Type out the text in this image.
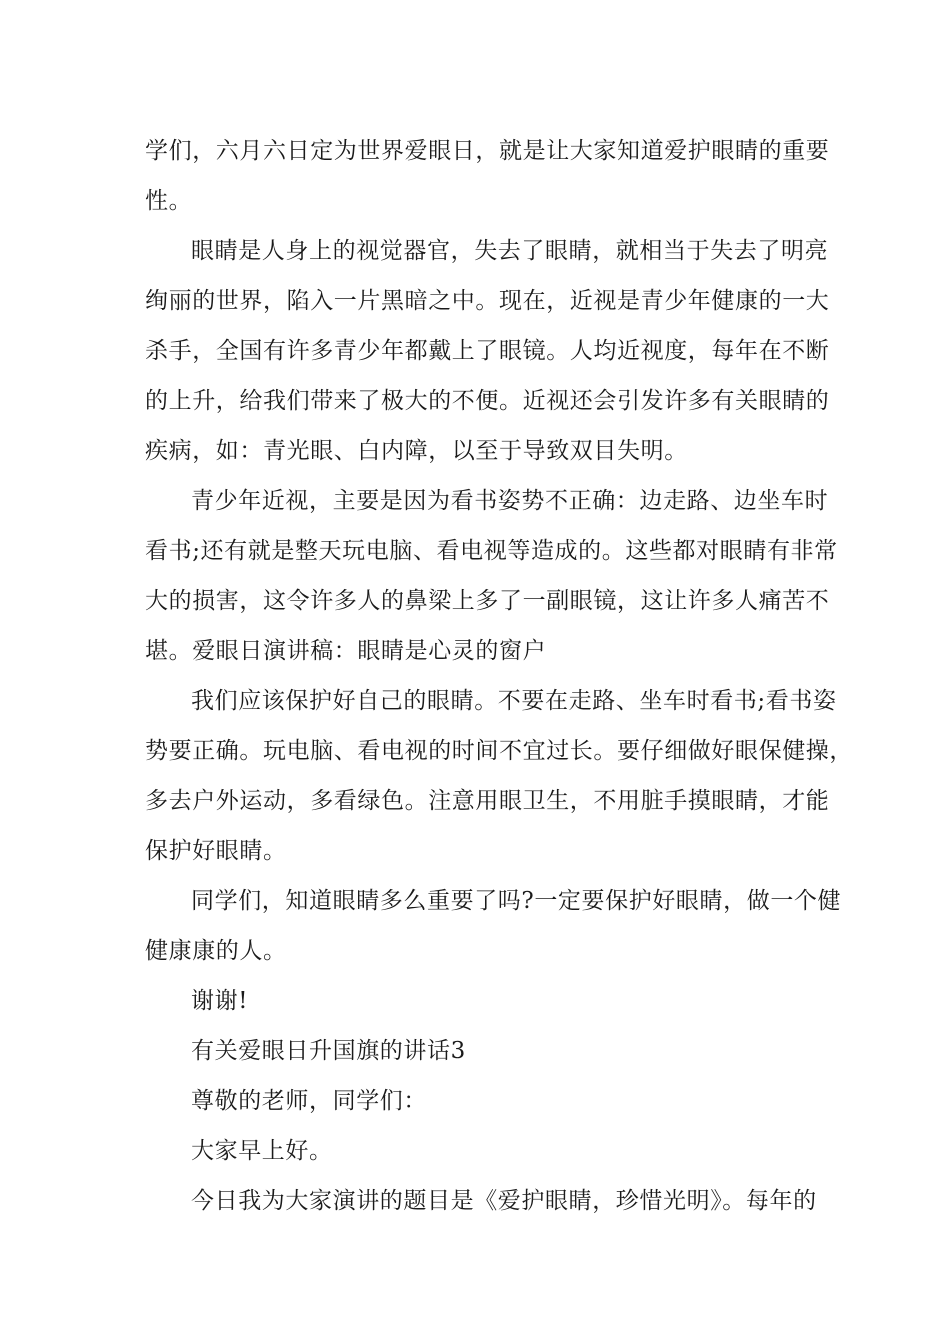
学们，六月六日定为世界爱眼日，就是让大家知道爱护眼睛的重要

性。

眼睛是人身上的视觉器官，失去了眼睛，就相当于失去了明亮

绚丽的世界，陷入一片黑暗之中。现在，近视是青少年健康的一大

杀手，全国有许多青少年都戴上了眼镜。人均近视度，每年在不断

的上升，给我们带来了极大的不便。近视还会引发许多有关眼睛的

疾病，如：青光眼、白内障，以至于导致双目失明。

青少年近视，主要是因为看书姿势不正确：边走路、边坐车时

看书;还有就是整天玩电脑、看电视等造成的。这些都对眼睛有非常

大的损害，这令许多人的鼻梁上多了一副眼镜，这让许多人痛苦不

堪。爱眼日演讲稿：眼睛是心灵的窗户

我们应该保护好自己的眼睛。不要在走路、坐车时看书;看书姿

势要正确。玩电脑、看电视的时间不宜过长。要仔细做好眼保健操，

多去户外运动，多看绿色。注意用眼卫生，不用脏手摸眼睛，才能

保护好眼睛。

同学们，知道眼睛多么重要了吗?一定要保护好眼睛，做一个健

健康康的人。

谢谢!

有关爱眼日升国旗的讲话3

尊敬的老师，同学们：

大家早上好。

今日我为大家演讲的题目是《爱护眼睛，珍惜光明》。每年的
